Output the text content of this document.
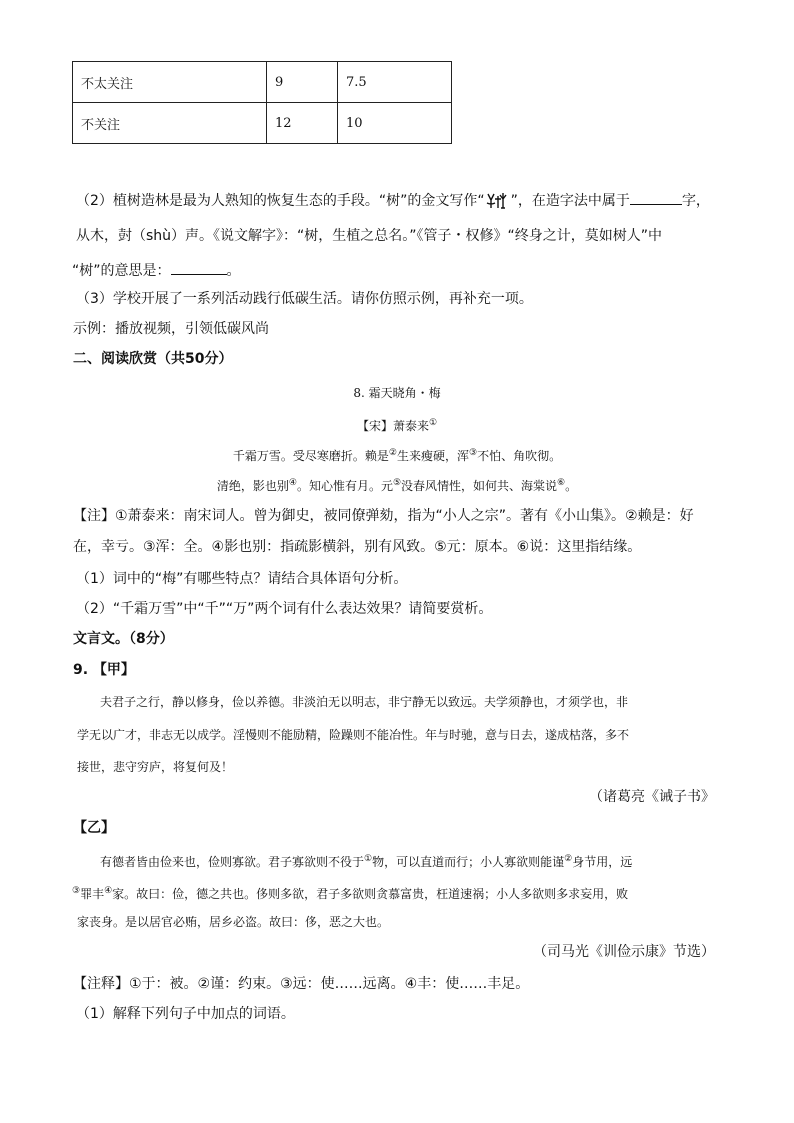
不太关注	9	7.5
不关注	12	10
（2）植树造林是最为人熟知的恢复生态的手段。“树”的金文写作“ ”，在造字法中属于	字，
从木，尌（shù）声。《说文解字》：“树，生植之总名。”《管子・权修》“终身之计，莫如树人”中
“树”的意思是：	。
（3）学校开展了一系列活动践行低碳生活。请你仿照示例，再补充一项。
示例：播放视频，引领低碳风尚
二、阅读欣赏（共50分）
8. 霜天晓角・梅
【宋】萧泰来①
千霜万雪。受尽寒磨折。赖是②生来瘦硬，浑③不怕、角吹彻。
清绝，影也别④。知心惟有月。元⑤没春风情性，如何共、海棠说⑥。
【注】①萧泰来：南宋词人。曾为御史，被同僚弹劾，指为“小人之宗”。著有《小山集》。②赖是：好
在，幸亏。③浑：全。④影也别：指疏影横斜，别有风致。⑤元：原本。⑥说：这里指结缘。
（1）词中的“梅”有哪些特点？请结合具体语句分析。
（2）“千霜万雪”中“千”“万”两个词有什么表达效果？请简要赏析。
文言文。（8分）
9. 【甲】
夫君子之行，静以修身，俭以养德。非淡泊无以明志，非宁静无以致远。夫学须静也，才须学也，非
学无以广才，非志无以成学。淫慢则不能励精，险躁则不能冶性。年与时驰，意与日去，遂成枯落，多不
接世，悲守穷庐，将复何及！
（诸葛亮《诫子书》
【乙】
有德者皆由俭来也，俭则寡欲。君子寡欲则不役于①物，可以直道而行；小人寡欲则能谨②身节用，远
③罪丰④家。故曰：俭，德之共也。侈则多欲，君子多欲则贪慕富贵，枉道速祸；小人多欲则多求妄用，败
家丧身。是以居官必贿，居乡必盗。故曰：侈，恶之大也。
（司马光《训俭示康》节选）
【注释】①于：被。②谨：约束。③远：使……远离。④丰：使……丰足。
（1）解释下列句子中加点的词语。
